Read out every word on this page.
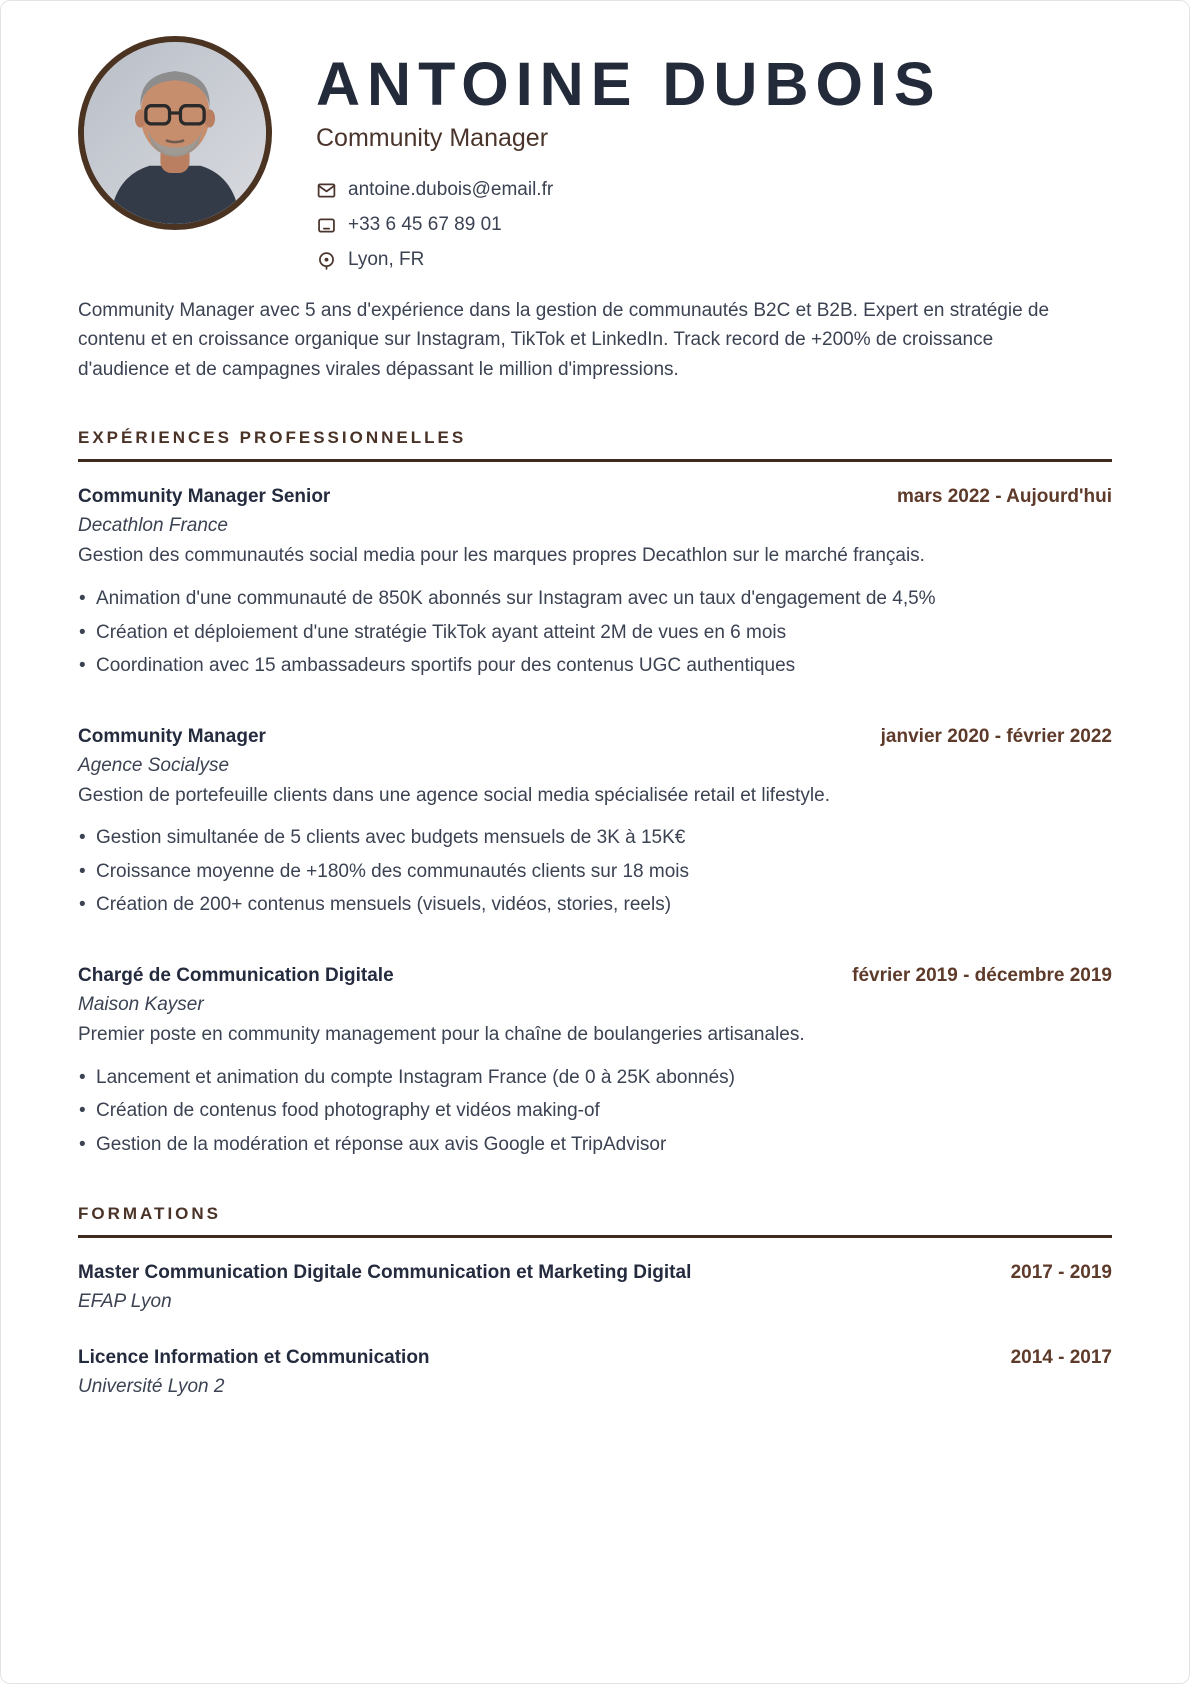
ANTOINE DUBOIS
Community Manager
antoine.dubois@email.fr
+33 6 45 67 89 01
Lyon, FR

Community Manager avec 5 ans d'expérience dans la gestion de communautés B2C et B2B. Expert en stratégie de contenu et en croissance organique sur Instagram, TikTok et LinkedIn. Track record de +200% de croissance d'audience et de campagnes virales dépassant le million d'impressions.

EXPÉRIENCES PROFESSIONNELLES
Community Manager Senior	mars 2022 - Aujourd'hui
Decathlon France
Gestion des communautés social media pour les marques propres Decathlon sur le marché français.
• Animation d'une communauté de 850K abonnés sur Instagram avec un taux d'engagement de 4,5%
• Création et déploiement d'une stratégie TikTok ayant atteint 2M de vues en 6 mois
• Coordination avec 15 ambassadeurs sportifs pour des contenus UGC authentiques
Community Manager	janvier 2020 - février 2022
Agence Socialyse
Gestion de portefeuille clients dans une agence social media spécialisée retail et lifestyle.
• Gestion simultanée de 5 clients avec budgets mensuels de 3K à 15K€
• Croissance moyenne de +180% des communautés clients sur 18 mois
• Création de 200+ contenus mensuels (visuels, vidéos, stories, reels)
Chargé de Communication Digitale	février 2019 - décembre 2019
Maison Kayser
Premier poste en community management pour la chaîne de boulangeries artisanales.
• Lancement et animation du compte Instagram France (de 0 à 25K abonnés)
• Création de contenus food photography et vidéos making-of
• Gestion de la modération et réponse aux avis Google et TripAdvisor
FORMATIONS
Master Communication Digitale Communication et Marketing Digital	2017 - 2019
EFAP Lyon
Licence Information et Communication	2014 - 2017
Université Lyon 2
